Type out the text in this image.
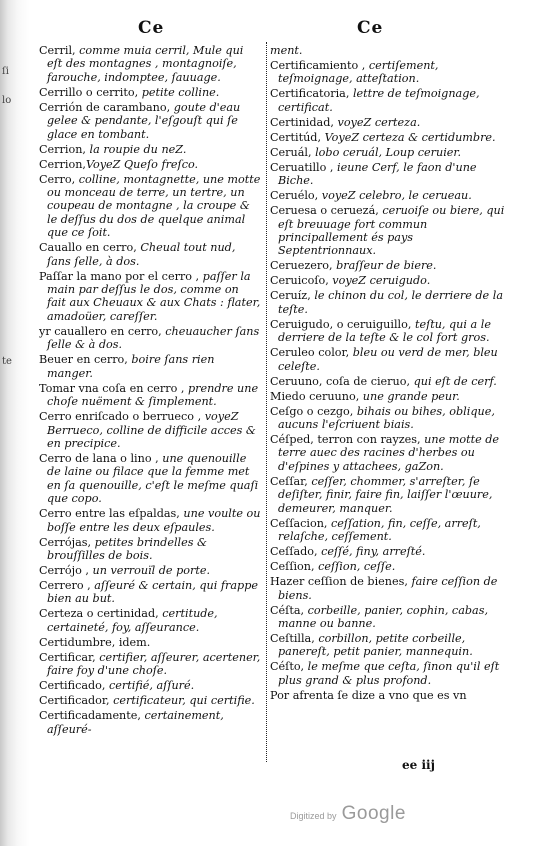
ſi
lo
te
Ce	Ce
Cerril, comme muia cerril, Mule qui eſt des montagnes , montagnoiſe, farouche, indomptee, ſauuage.
Cerrillo o cerrito, petite colline.
Cerrión de carambano, goute d'eau gelee & pendante, l'eſgouſt qui ſe glace en tombant.
Cerrion, la roupie du neZ.
Cerrion,VoyeZ Queſo freſco.
Cerro, colline, montagnette, une motte ou monceau de terre, un tertre, un coupeau de montagne , la croupe & le deſſus du dos de quelque animal que ce ſoit.
Cauallo en cerro, Cheual tout nud, ſans ſelle, à dos.
Paſſar la mano por el cerro , paſſer la main par deſſus le dos, comme on fait aux Cheuaux & aux Chats : flater, amadoüer, careſſer.
yr cauallero en cerro, cheuaucher ſans ſelle & à dos.
Beuer en cerro, boire ſans rien manger.
Tomar vna coſa en cerro , prendre une choſe nuëment & ſimplement.
Cerro enriſcado o berrueco , voyeZ Berrueco, colline de difficile acces & en precipice.
Cerro de lana o lino , une quenouille de laine ou filace que la femme met en ſa quenouille, c'eſt le meſme quaſi que copo.
Cerro entre las eſpaldas, une voulte ou boſſe entre les deux eſpaules.
Cerrójas, petites brindelles & brouſſilles de bois.
Cerrójo , un verrouïl de porte.
Cerrero , aſſeuré & certain, qui frappe bien au but.
Certeza o certinidad, certitude, certaineté, foy, aſſeurance.
Certidumbre, idem.
Certificar, certifier, aſſeurer, acertener, faire foy d'une choſe.
Certificado, certifié, aſſuré.
Certificador, certificateur, qui certifie.
Certificadamente, certainement, aſſeuré-
ment.
Certificamiento , certiſement, teſmoignage, atteſtation.
Certificatoria, lettre de teſmoignage, certificat.
Certinidad, voyeZ certeza.
Certitúd, VoyeZ certeza & certidumbre.
Ceruál, lobo ceruál, Loup ceruier.
Ceruatillo , ieune Cerf, le faon d'une Biche.
Ceruélo, voyeZ celebro, le cerueau.
Ceruesa o ceruezá, ceruoiſe ou biere, qui eſt breuuage fort commun principallement és pays Septentrionnaux.
Ceruezero, braſſeur de biere.
Ceruicoſo, voyeZ ceruigudo.
Ceruíz, le chinon du col, le derriere de la teſte.
Ceruigudo, o ceruiguillo, teſtu, qui a le derriere de la teſte & le col fort gros.
Ceruleo color, bleu ou verd de mer, bleu celeſte.
Ceruuno, coſa de cieruo, qui eſt de cerf.
Miedo ceruuno, une grande peur.
Ceſgo o cezgo, bihais ou bihes, oblique, aucuns l'eſcriuent biais.
Céſped, terron con rayzes, une motte de terre auec des racines d'herbes ou d'eſpines y attachees, gaZon.
Ceſſar, ceſſer, chommer, s'arreſter, ſe deſiſter, finir, faire fin, laiſſer l'œuure, demeurer, manquer.
Ceſſacion, ceſſation, fin, ceſſe, arreſt, relaſche, ceſſement.
Ceſſado, ceſſé, finy, arreſté.
Ceſſion, ceſſion, ceſſe.
Hazer ceſſion de bienes, faire ceſſion de biens.
Céſta, corbeille, panier, cophin, cabas, manne ou banne.
Ceſtilla, corbillon, petite corbeille, panereſt, petit panier, mannequin.
Céſto, le meſme que ceſta, ſinon qu'il eſt plus grand & plus profond.
Por afrenta ſe dize a vno que es vn
ee iij
Digitized by Google
